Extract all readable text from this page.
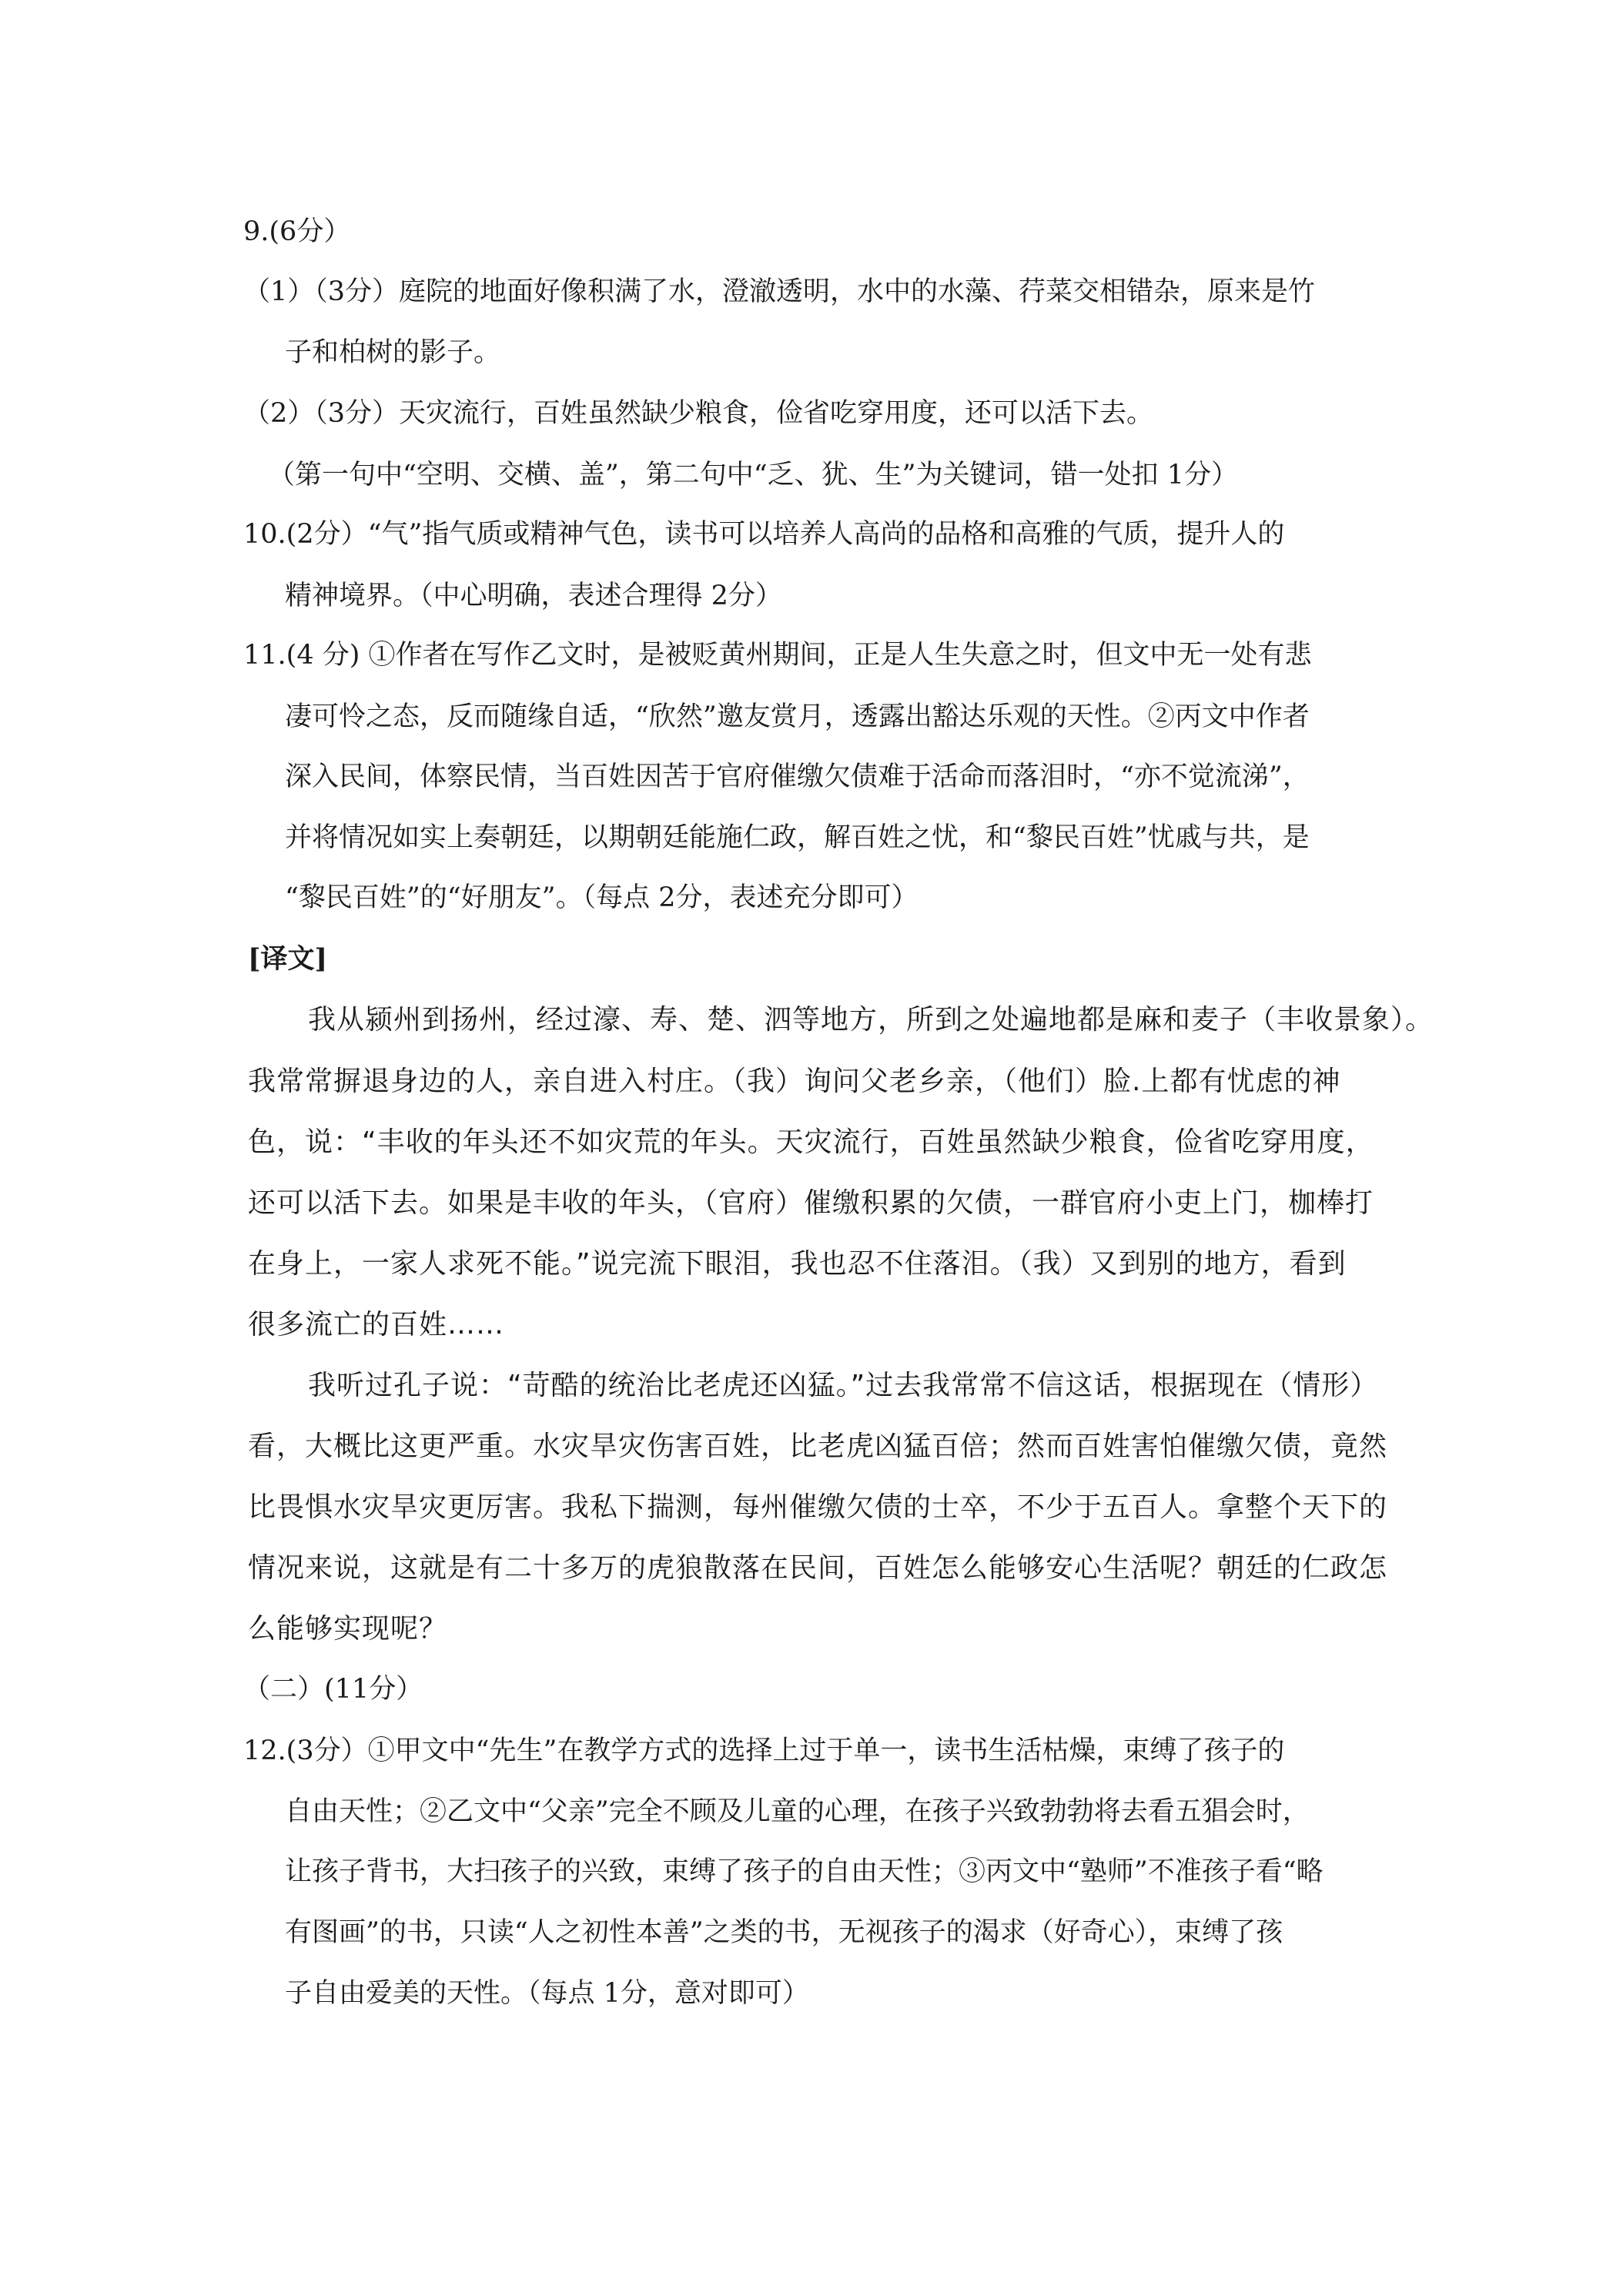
9.(6分）
（1）（3分）庭院的地面好像积满了水，澄澈透明，水中的水藻、荇菜交相错杂，原来是竹
子和柏树的影子。
（2）（3分）天灾流行，百姓虽然缺少粮食，俭省吃穿用度，还可以活下去。
（第一句中“空明、交横、盖”，第二句中“乏、犹、生”为关键词，错一处扣 1分）
10.(2分）“气”指气质或精神气色，读书可以培养人高尚的品格和高雅的气质，提升人的
精神境界。（中心明确，表述合理得 2分）
11.(4 分) ①作者在写作乙文时，是被贬黄州期间，正是人生失意之时，但文中无一处有悲
凄可怜之态，反而随缘自适，“欣然”邀友赏月，透露出豁达乐观的天性。②丙文中作者
深入民间，体察民情，当百姓因苦于官府催缴欠债难于活命而落泪时，“亦不觉流涕”，
并将情况如实上奏朝廷，以期朝廷能施仁政，解百姓之忧，和“黎民百姓”忧戚与共，是
“黎民百姓”的“好朋友”。（每点 2分，表述充分即可）
[译文]
我从颍州到扬州，经过濠、寿、楚、泗等地方，所到之处遍地都是麻和麦子（丰收景象）。
我常常摒退身边的人，亲自进入村庄。（我）询问父老乡亲，（他们）脸.上都有忧虑的神
色，说：“丰收的年头还不如灾荒的年头。天灾流行，百姓虽然缺少粮食，俭省吃穿用度，
还可以活下去。如果是丰收的年头，（官府）催缴积累的欠债，一群官府小吏上门，枷棒打
在身上，一家人求死不能。”说完流下眼泪，我也忍不住落泪。（我）又到别的地方，看到
很多流亡的百姓……
我听过孔子说：“苛酷的统治比老虎还凶猛。”过去我常常不信这话，根据现在（情形）
看，大概比这更严重。水灾旱灾伤害百姓，比老虎凶猛百倍；然而百姓害怕催缴欠债，竟然
比畏惧水灾旱灾更厉害。我私下揣测，每州催缴欠债的士卒，不少于五百人。拿整个天下的
情况来说，这就是有二十多万的虎狼散落在民间，百姓怎么能够安心生活呢？朝廷的仁政怎
么能够实现呢？
（二）(11分）
12.(3分）①甲文中“先生”在教学方式的选择上过于单一，读书生活枯燥，束缚了孩子的
自由天性；②乙文中“父亲”完全不顾及儿童的心理，在孩子兴致勃勃将去看五猖会时，
让孩子背书，大扫孩子的兴致，束缚了孩子的自由天性；③丙文中“塾师”不准孩子看“略
有图画”的书，只读“人之初性本善”之类的书，无视孩子的渴求（好奇心），束缚了孩
子自由爱美的天性。（每点 1分，意对即可）
